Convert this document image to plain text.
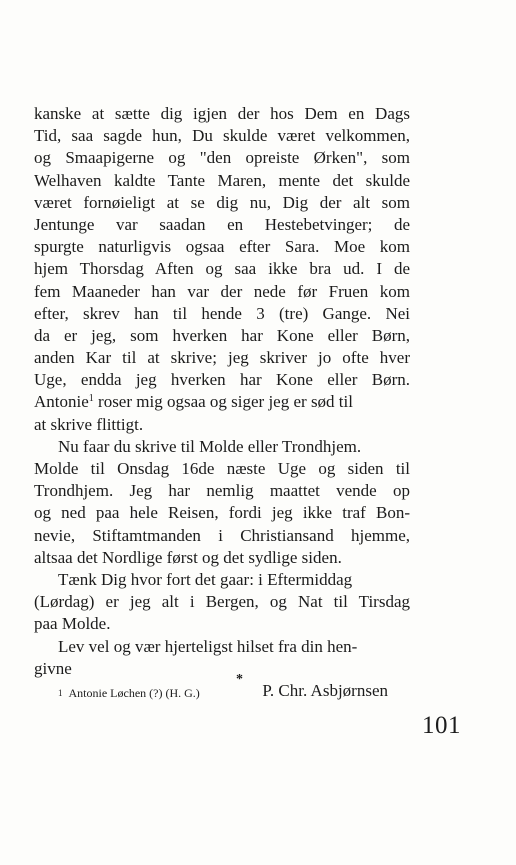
kanske at sætte dig igjen der hos Dem en Dags
Tid, saa sagde hun, Du skulde været velkommen,
og Smaapigerne og "den opreiste Ørken", som
Welhaven kaldte Tante Maren, mente det skulde
været fornøieligt at se dig nu, Dig der alt som
Jentunge var saadan en Hestebetvinger; de
spurgte naturligvis ogsaa efter Sara. Moe kom
hjem Thorsdag Aften og saa ikke bra ud. I de
fem Maaneder han var der nede før Fruen kom
efter, skrev han til hende 3 (tre) Gange. Nei
da er jeg, som hverken har Kone eller Børn,
anden Kar til at skrive; jeg skriver jo ofte hver
Uge, endda jeg hverken har Kone eller Børn.
Antonie$^1$ roser mig ogsaa og siger jeg er sød til
at skrive flittigt.
Nu faar du skrive til Molde eller Trondhjem.
Molde til Onsdag 16de næste Uge og siden til
Trondhjem. Jeg har nemlig maattet vende op
og ned paa hele Reisen, fordi jeg ikke traf Bon-
nevie, Stiftamtmanden i Christiansand hjemme,
altsaa det Nordlige først og det sydlige siden.
Tænk Dig hvor fort det gaar: i Eftermiddag
(Lørdag) er jeg alt i Bergen, og Nat til Tirsdag
paa Molde.
Lev vel og vær hjerteligst hilset fra din hen-
givne
P. Chr. Asbjørnsen
*
1 Antonie Løchen (?) (H. G.)
101
